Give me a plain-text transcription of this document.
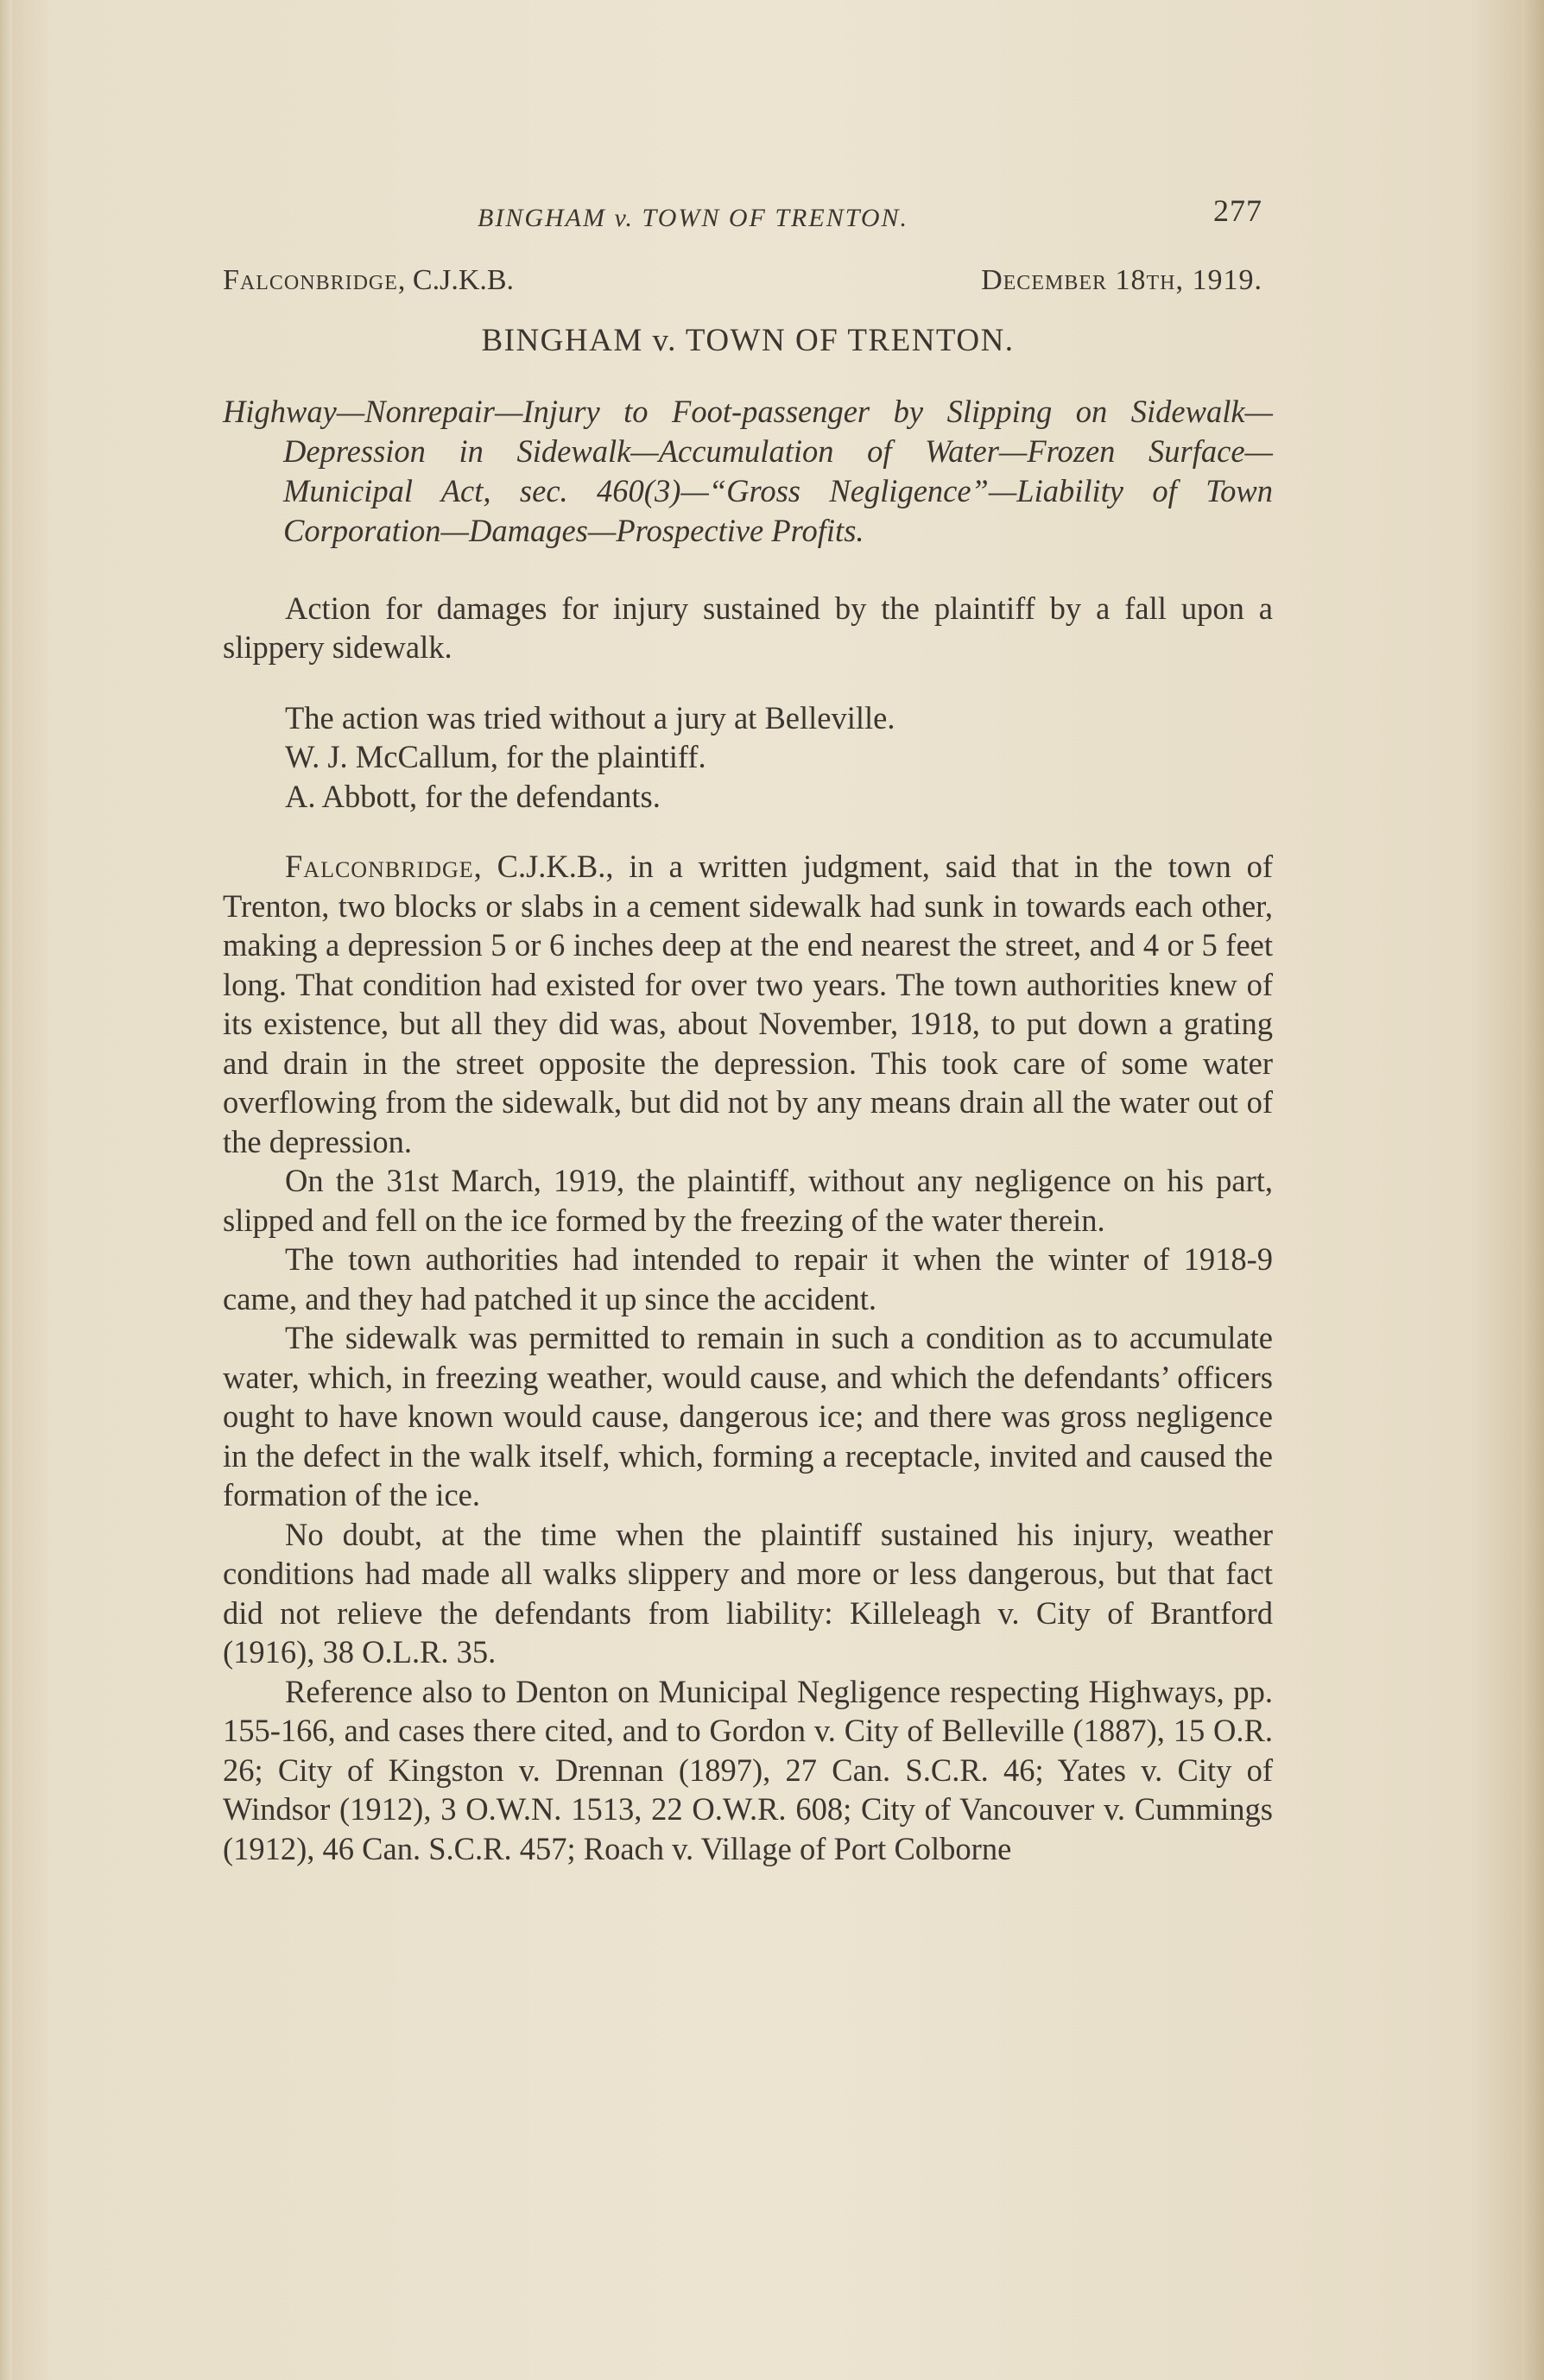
BINGHAM v. TOWN OF TRENTON.	277
Falconbridge, C.J.K.B.	December 18th, 1919.
BINGHAM v. TOWN OF TRENTON.
Highway—Nonrepair—Injury to Foot-passenger by Slipping on Sidewalk—Depression in Sidewalk—Accumulation of Water—Frozen Surface—Municipal Act, sec. 460(3)—“Gross Negligence”—Liability of Town Corporation—Damages—Prospective Profits.

Action for damages for injury sustained by the plaintiff by a fall upon a slippery sidewalk.

The action was tried without a jury at Belleville.
W. J. McCallum, for the plaintiff.
A. Abbott, for the defendants.

Falconbridge, C.J.K.B., in a written judgment, said that in the town of Trenton, two blocks or slabs in a cement sidewalk had sunk in towards each other, making a depression 5 or 6 inches deep at the end nearest the street, and 4 or 5 feet long. That condition had existed for over two years. The town authorities knew of its existence, but all they did was, about November, 1918, to put down a grating and drain in the street opposite the depression. This took care of some water overflowing from the sidewalk, but did not by any means drain all the water out of the depression.

On the 31st March, 1919, the plaintiff, without any negligence on his part, slipped and fell on the ice formed by the freezing of the water therein.

The town authorities had intended to repair it when the winter of 1918-9 came, and they had patched it up since the accident.

The sidewalk was permitted to remain in such a condition as to accumulate water, which, in freezing weather, would cause, and which the defendants’ officers ought to have known would cause, dangerous ice; and there was gross negligence in the defect in the walk itself, which, forming a receptacle, invited and caused the formation of the ice.

No doubt, at the time when the plaintiff sustained his injury, weather conditions had made all walks slippery and more or less dangerous, but that fact did not relieve the defendants from liability: Killeleagh v. City of Brantford (1916), 38 O.L.R. 35.

Reference also to Denton on Municipal Negligence respecting Highways, pp. 155-166, and cases there cited, and to Gordon v. City of Belleville (1887), 15 O.R. 26; City of Kingston v. Drennan (1897), 27 Can. S.C.R. 46; Yates v. City of Windsor (1912), 3 O.W.N. 1513, 22 O.W.R. 608; City of Vancouver v. Cummings (1912), 46 Can. S.C.R. 457; Roach v. Village of Port Colborne
